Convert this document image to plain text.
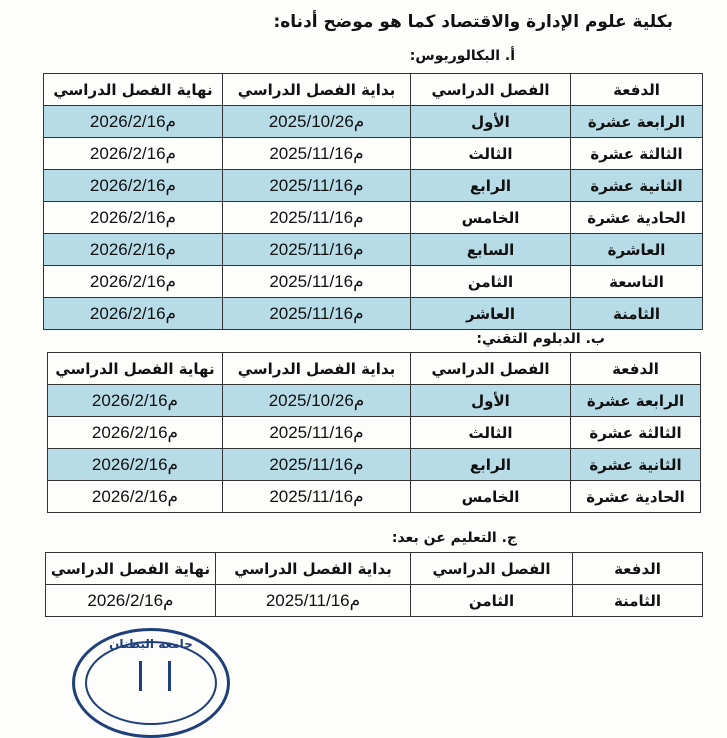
بكلية علوم الإدارة والاقتصاد كما هو موضح أدناه:
أ. البكالوريوس:
الدفعة	الفصل الدراسي	بداية الفصل الدراسي	نهاية الفصل الدراسي
الرابعة عشرة	الأول	2025/10/26م	2026/2/16م
الثالثة عشرة	الثالث	2025/11/16م	2026/2/16م
الثانية عشرة	الرابع	2025/11/16م	2026/2/16م
الحادية عشرة	الخامس	2025/11/16م	2026/2/16م
العاشرة	السابع	2025/11/16م	2026/2/16م
التاسعة	الثامن	2025/11/16م	2026/2/16م
الثامنة	العاشر	2025/11/16م	2026/2/16م
ب. الدبلوم التقني:
الدفعة	الفصل الدراسي	بداية الفصل الدراسي	نهاية الفصل الدراسي
الرابعة عشرة	الأول	2025/10/26م	2026/2/16م
الثالثة عشرة	الثالث	2025/11/16م	2026/2/16م
الثانية عشرة	الرابع	2025/11/16م	2026/2/16م
الحادية عشرة	الخامس	2025/11/16م	2026/2/16م
ج. التعليم عن بعد:
الدفعة	الفصل الدراسي	بداية الفصل الدراسي	نهاية الفصل الدراسي
الثامنة	الثامن	2025/11/16م	2026/2/16م
جامعة البطنان
